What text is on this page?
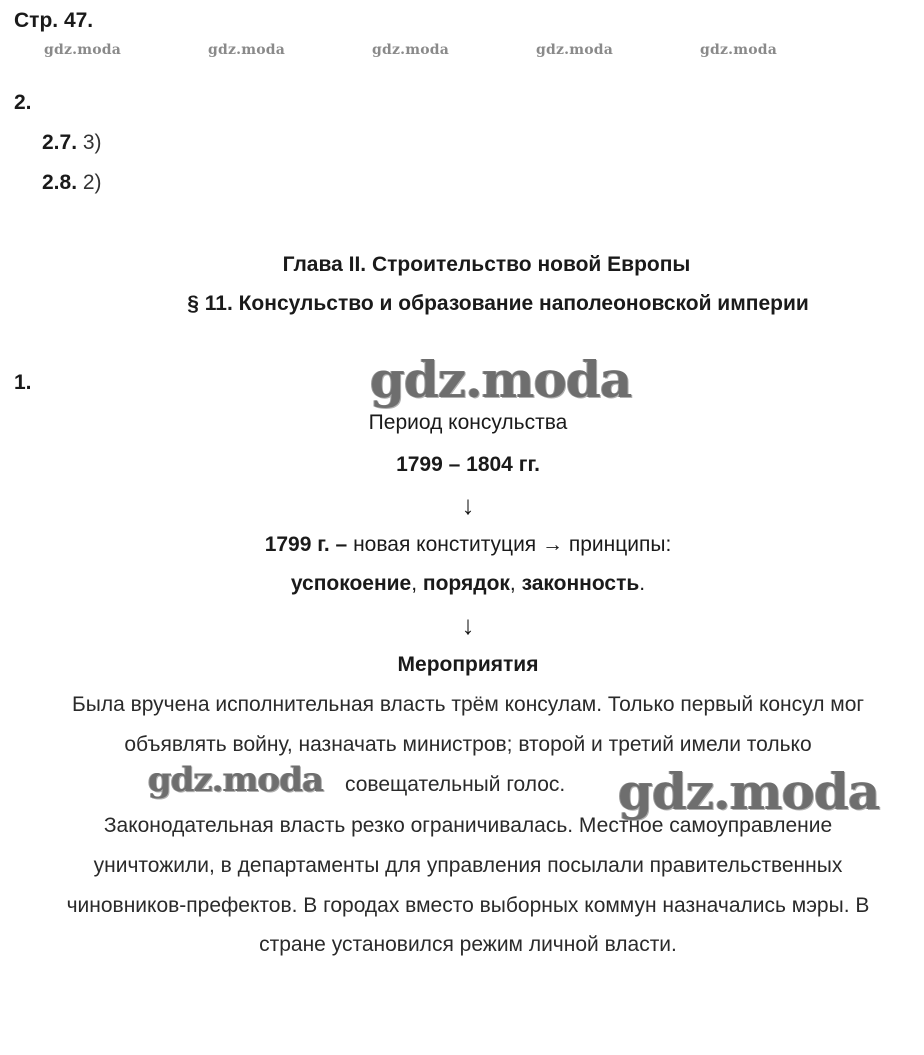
Стр. 47.
gdz.moda	gdz.moda	gdz.moda	gdz.moda	gdz.moda
2.
2.7. 3)
2.8. 2)
Глава II. Строительство новой Европы
§ 11. Консульство и образование наполеоновской империи
1.	gdz.moda
Период консульства
1799 – 1804 гг.
↓
1799 г. – новая конституция → принципы:
успокоение, порядок, законность.
↓
Мероприятия
Была вручена исполнительная власть трём консулам. Только первый консул мог
объявлять войну, назначать министров; второй и третий имели только
gdz.moda совещательный голос. gdz.moda
Законодательная власть резко ограничивалась. Местное самоуправление
уничтожили, в департаменты для управления посылали правительственных
чиновников-префектов. В городах вместо выборных коммун назначались мэры. В
стране установился режим личной власти.
